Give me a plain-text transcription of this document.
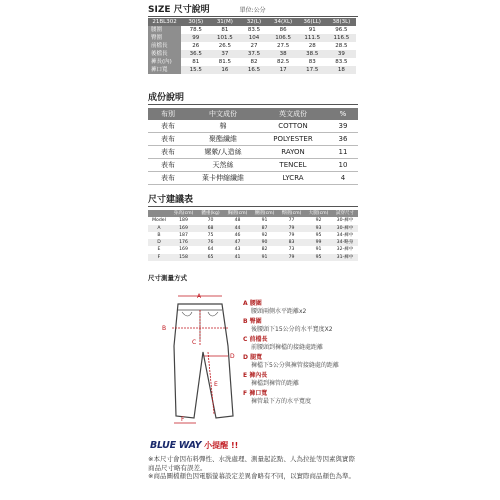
SIZE 尺寸說明	單位:公分
21BL302	30(S)	31(M)	32(L)	34(XL)	36(LL)	38(3L)
腰圍	78.5	81	83.5	86	91	96.5
臀圍	99	101.5	104	106.5	111.5	116.5
前檔長	26	26.5	27	27.5	28	28.5
後檔長	36.5	37	37.5	38	38.5	39
褲長(內)	81	81.5	82	82.5	83	83.5
褲口寬	15.5	16	16.5	17	17.5	18
成份說明
布別	中文成份	英文成份	%
表布	棉	COTTON	39
表布	聚酯纖維	POLYESTER	36
表布	嫘縈/人造絲	RAYON	11
表布	天然絲	TENCEL	10
表布	萊卡伸縮纖維	LYCRA	4
尺寸建議表
	身高(cm)	體重(kg)	胸圍(cm)	腰圍(cm)	臀圍(cm)	大腿(cm)	試穿尺寸
Model	189	70	48	91	77	92	30-褲中
A	169	68	44	87	79	93	30-褲中
B	187	75	46	92	79	95	34-褲中
D	176	76	47	90	83	99	34-略身
E	169	64	43	82	73	91	32-褲中
F	158	65	41	91	79	95	31-褲中
尺寸測量方式
A
B
C
D
E
F
A 腰圍
腰頭兩側水平距離x2
B 臀圍
後腰頭下15公分的水平寬度X2
C 前檔長
前腰頭到褲檔的接縫處距離
D 腿寬
褲檔下5公分與褲管接縫處的距離
E 褲內長
褲檔到褲管的距離
F 褲口寬
褲管最下方的水平寬度
BLUE WAY 小提醒 !!
※本尺寸會因布料彈性、水洗處理、測量起訖點、人為拉扯等因素與實際商品尺寸略有誤差。
※商品圖檔顏色因電腦螢幕設定差異會略有不同，以實際商品顏色為準。
